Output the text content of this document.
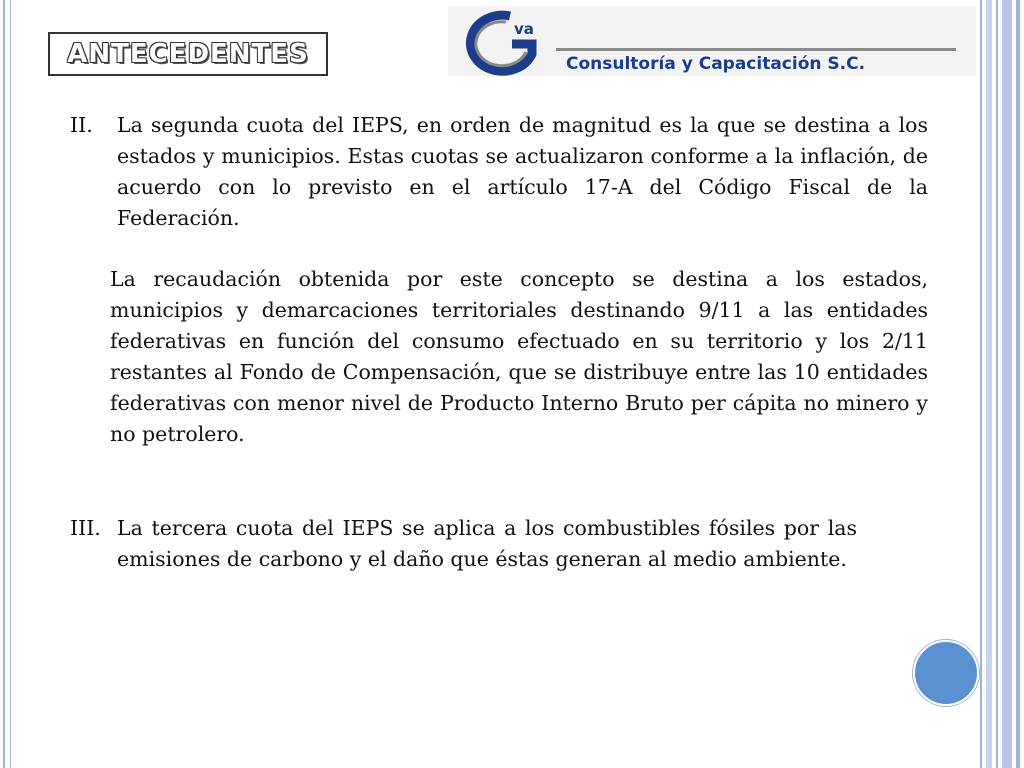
ANTECEDENTES
va
Consultoría y Capacitación S.C.
II. La segunda cuota del IEPS, en orden de magnitud es la que se destina a los estados y municipios. Estas cuotas se actualizaron conforme a la inflación, de acuerdo con lo previsto en el artículo 17-A del Código Fiscal de la Federación.

La recaudación obtenida por este concepto se destina a los estados, municipios y demarcaciones territoriales destinando 9/11 a las entidades federativas en función del consumo efectuado en su territorio y los 2/11 restantes al Fondo de Compensación, que se distribuye entre las 10 entidades federativas con menor nivel de Producto Interno Bruto per cápita no minero y no petrolero.

III. La tercera cuota del IEPS se aplica a los combustibles fósiles por las emisiones de carbono y el daño que éstas generan al medio ambiente.
